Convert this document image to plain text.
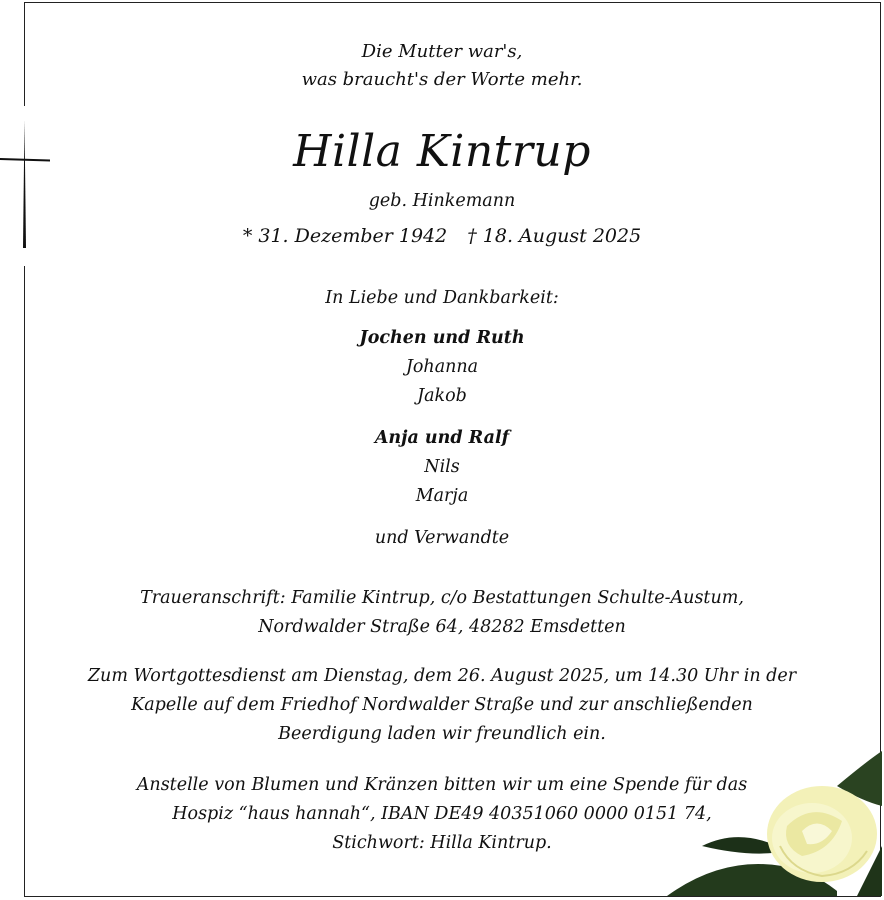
Die Mutter war's,
was braucht's der Worte mehr.
Hilla Kintrup
geb. Hinkemann
* 31. Dezember 1942 † 18. August 2025
In Liebe und Dankbarkeit:
Jochen und Ruth
Johanna
Jakob
Anja und Ralf
Nils
Marja
und Verwandte
Traueranschrift: Familie Kintrup, c/o Bestattungen Schulte-Austum,
Nordwalder Straße 64, 48282 Emsdetten
Zum Wortgottesdienst am Dienstag, dem 26. August 2025, um 14.30 Uhr in der
Kapelle auf dem Friedhof Nordwalder Straße und zur anschließenden
Beerdigung laden wir freundlich ein.
Anstelle von Blumen und Kränzen bitten wir um eine Spende für das
Hospiz “haus hannah“, IBAN DE49 40351060 0000 0151 74,
Stichwort: Hilla Kintrup.
